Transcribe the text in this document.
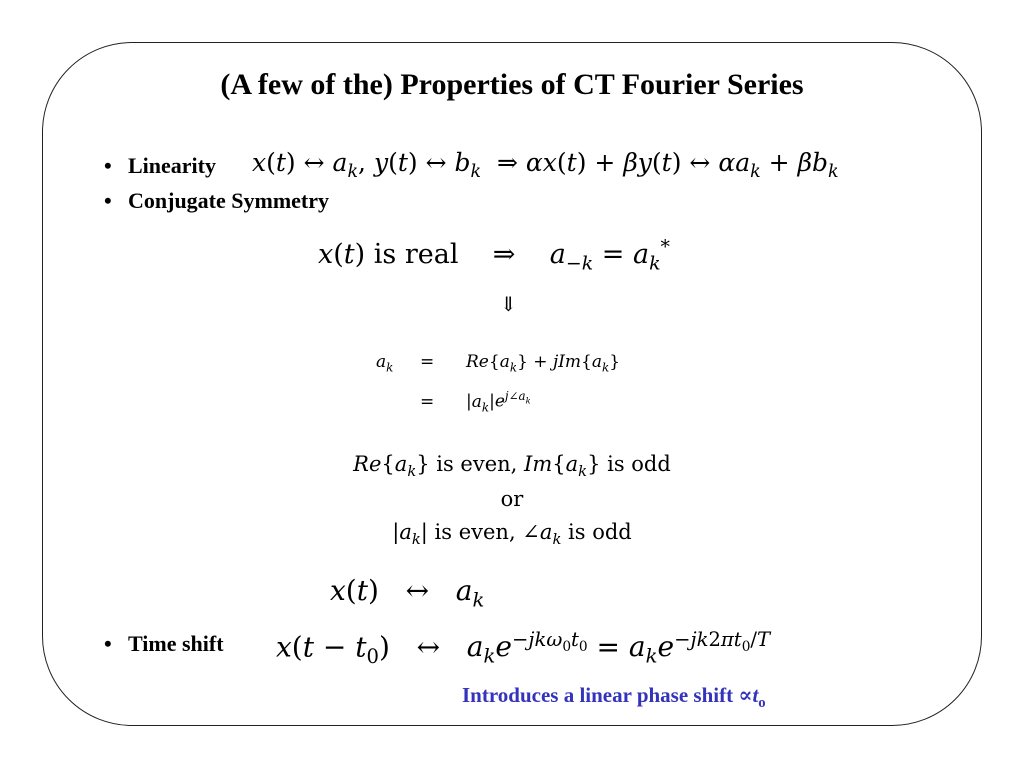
(A few of the) Properties of CT Fourier Series
• Linearity x(t) ↔ $a_k$, y(t) ↔ $b_k$  ⇒ αx(t) + βy(t) ↔ $\alpha a_k + \beta b_k$
• Conjugate Symmetry
x(t) is real    ⇒    $a_{-k} = a_k^*$
⇓
$a_k = Re\{a_k\} + jIm\{a_k\}$
= $|a_k|e^{j\angle a_k}$
$Re\{a_k\}$ is even, $Im\{a_k\}$ is odd
or
$|a_k|$ is even, $\angle a_k$ is odd
x(t)   ↔   $a_k$
• Time shift $x(t - t_0)$   ↔   $a_ke^{-jk\omega_0t_0} = a_ke^{-jk2\pi t_0/T}$
Introduces a linear phase shift $\propto t_o$
